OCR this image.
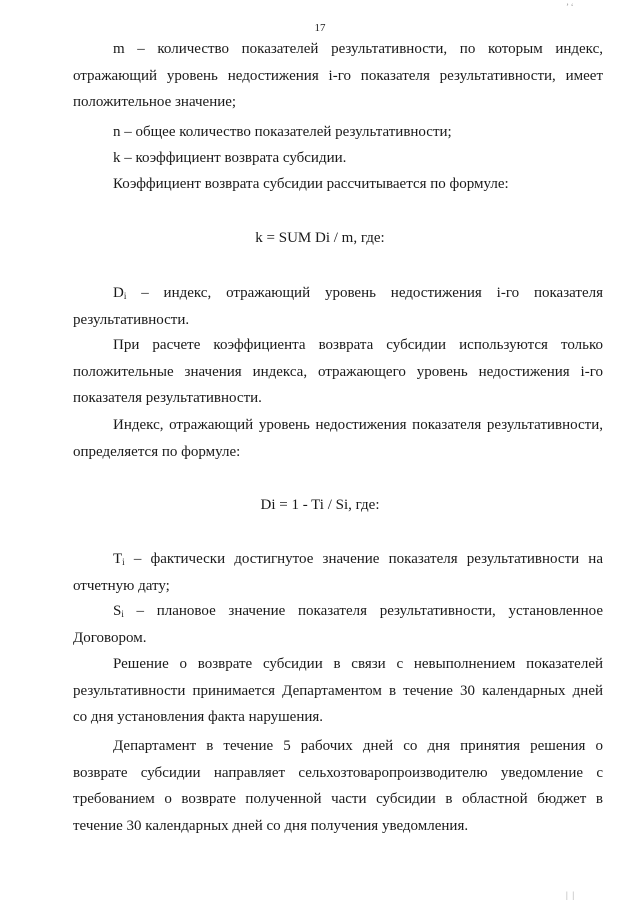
17

m – количество показателей результативности, по которым индекс,
отражающий уровень недостижения i-го показателя результативности, имеет
положительное значение;

n – общее количество показателей результативности;
k – коэффициент возврата субсидии.
Коэффициент возврата субсидии рассчитывается по формуле:
k = SUM Di / m, где:

$D_i$ – индекс, отражающий уровень недостижения i-го показателя
результативности.

При расчете коэффициента возврата субсидии используются только
положительные значения индекса, отражающего уровень недостижения i-го
показателя результативности.

Индекс, отражающий уровень недостижения показателя результативности,
определяется по формуле:

Di = 1 - Ti / Si, где:

$T_i$ – фактически достигнутое значение показателя результативности на
отчетную дату;

$S_i$ – плановое значение показателя результативности, установленное
Договором.

Решение о возврате субсидии в связи с невыполнением показателей
результативности принимается Департаментом в течение 30 календарных дней
со дня установления факта нарушения.

Департамент в течение 5 рабочих дней со дня принятия решения о
возврате субсидии направляет сельхозтоваропроизводителю уведомление с
требованием о возврате полученной части субсидии в областной бюджет в
течение 30 календарных дней со дня получения уведомления.

’ ‘
|  |
